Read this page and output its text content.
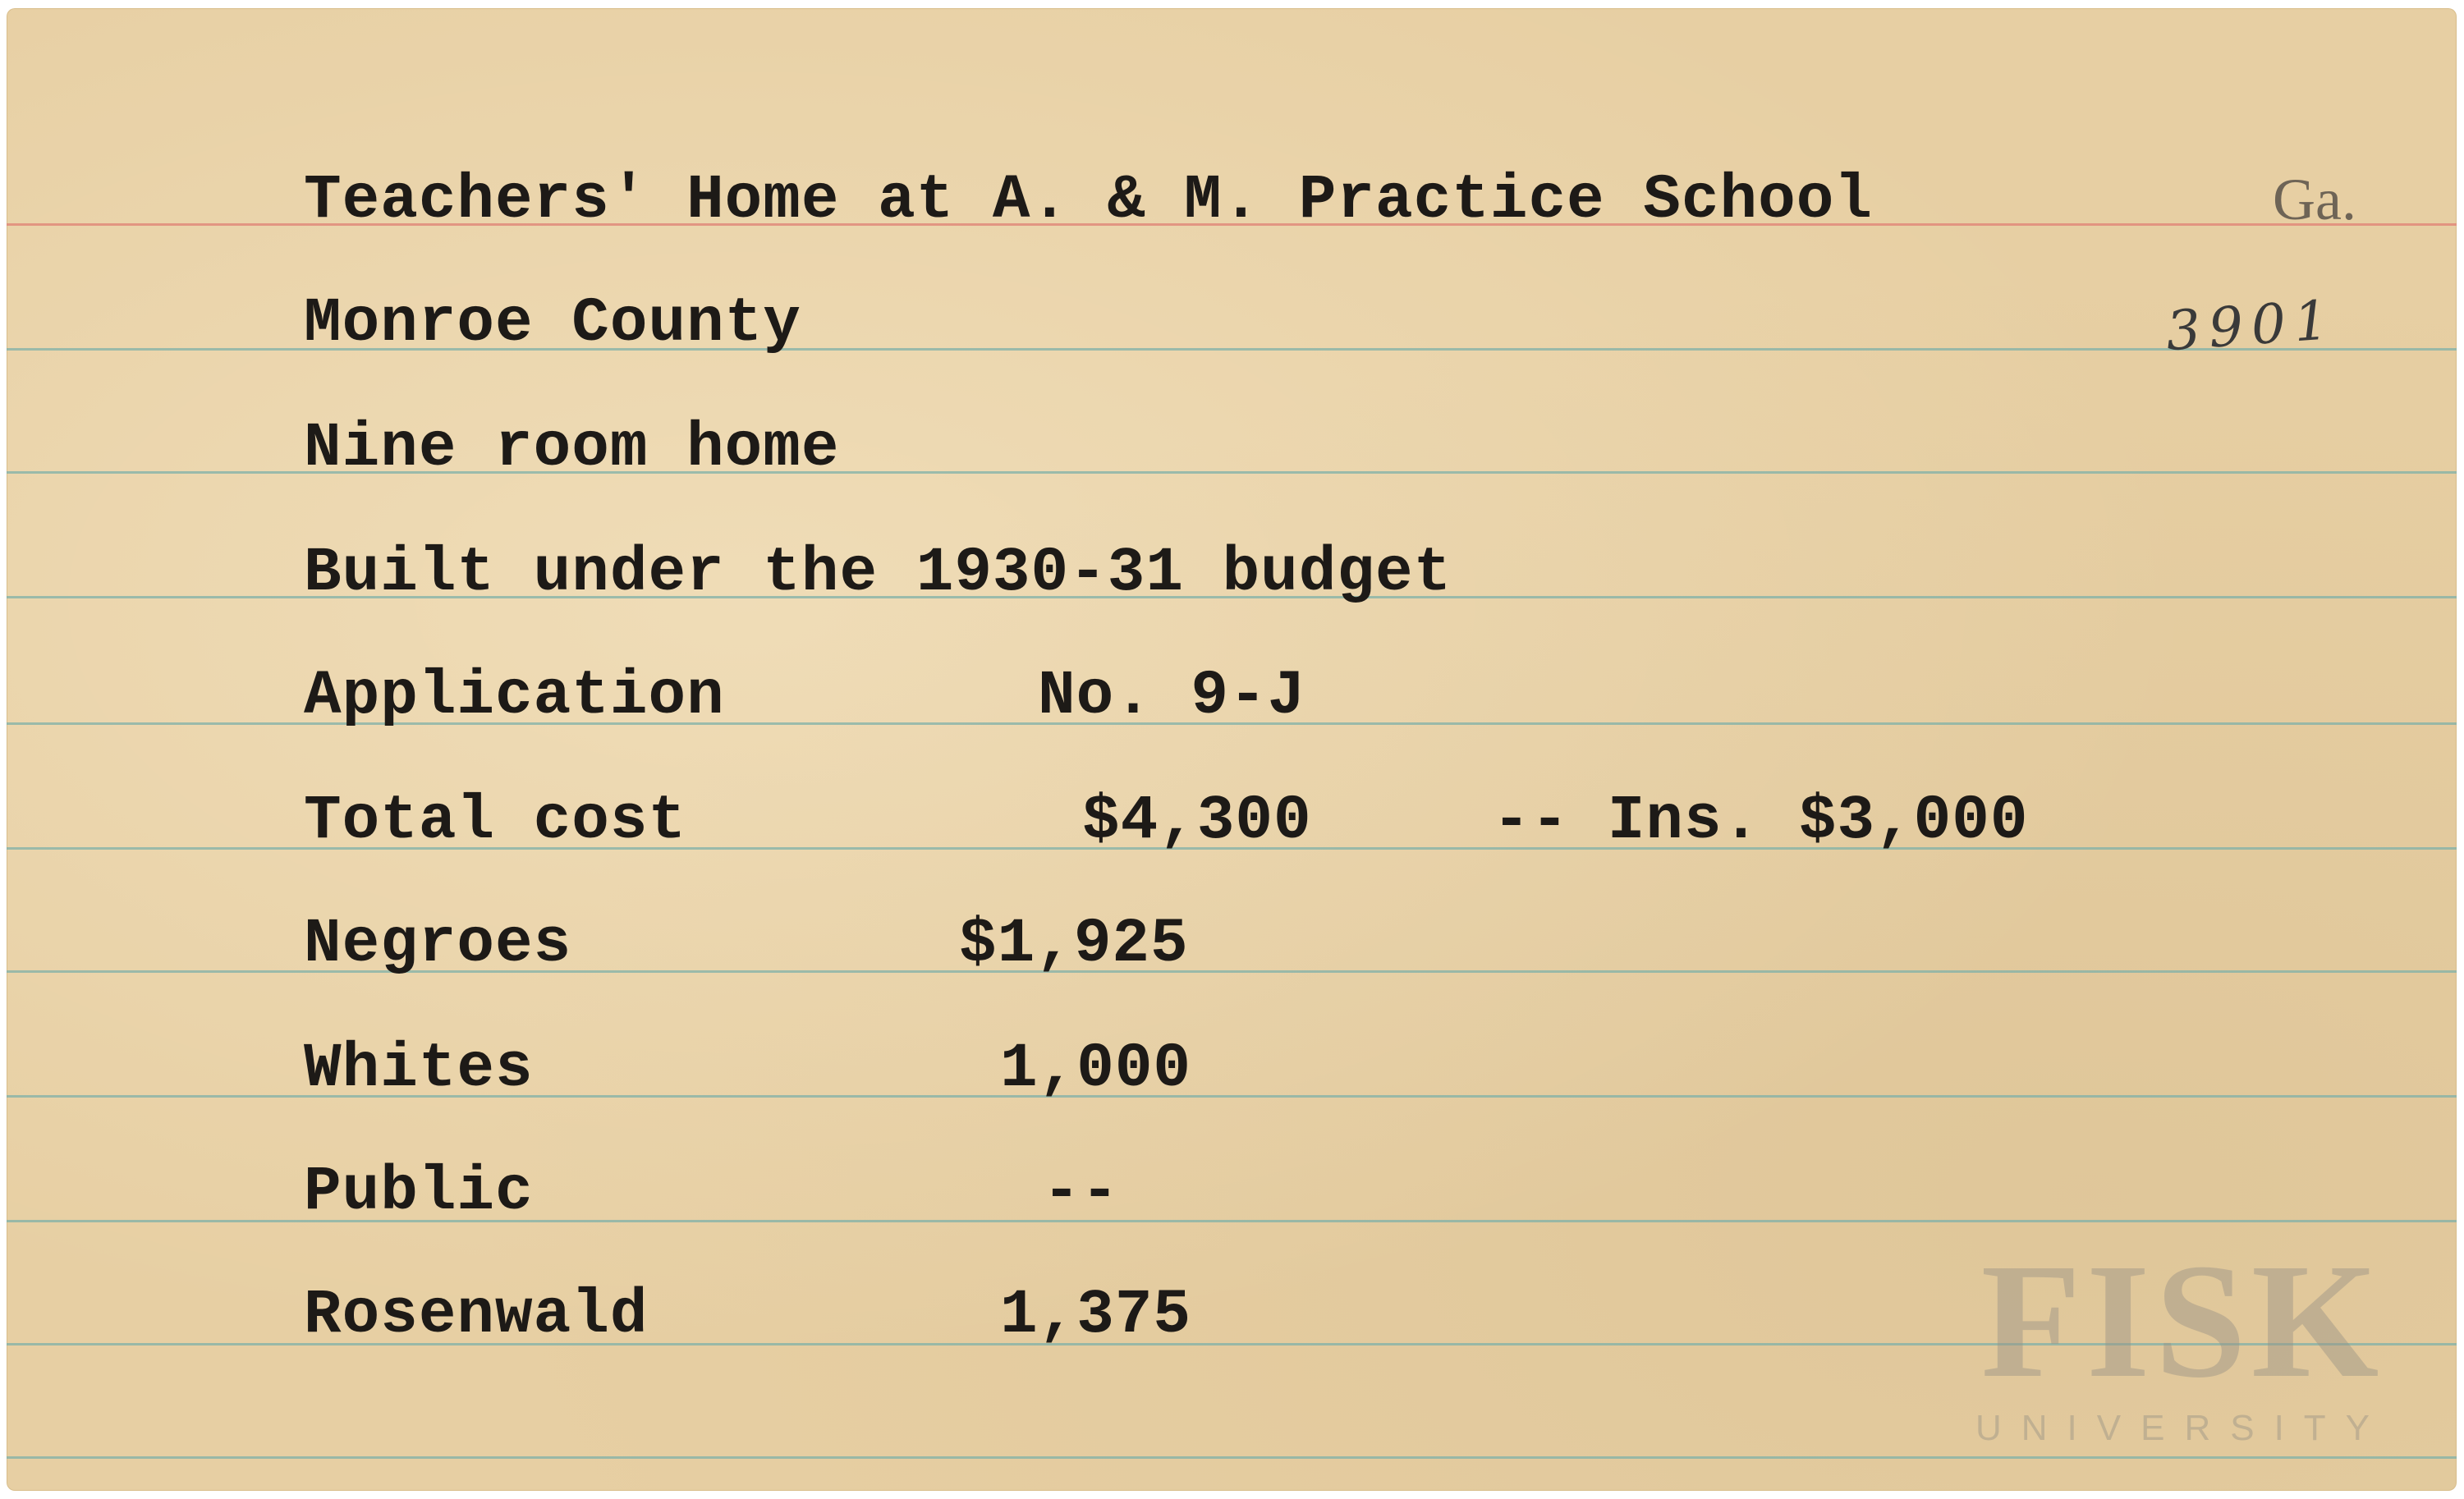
Teachers' Home at A. & M. Practice School	Ga.
Monroe County	3901
Nine room home
Built under the 1930-31 budget
Application	No. 9-J
Total cost	$4,300	-- Ins. $3,000
Negroes	$1,925
Whites	1,000
Public	--
Rosenwald	1,375	FISK
UNIVERSITY
